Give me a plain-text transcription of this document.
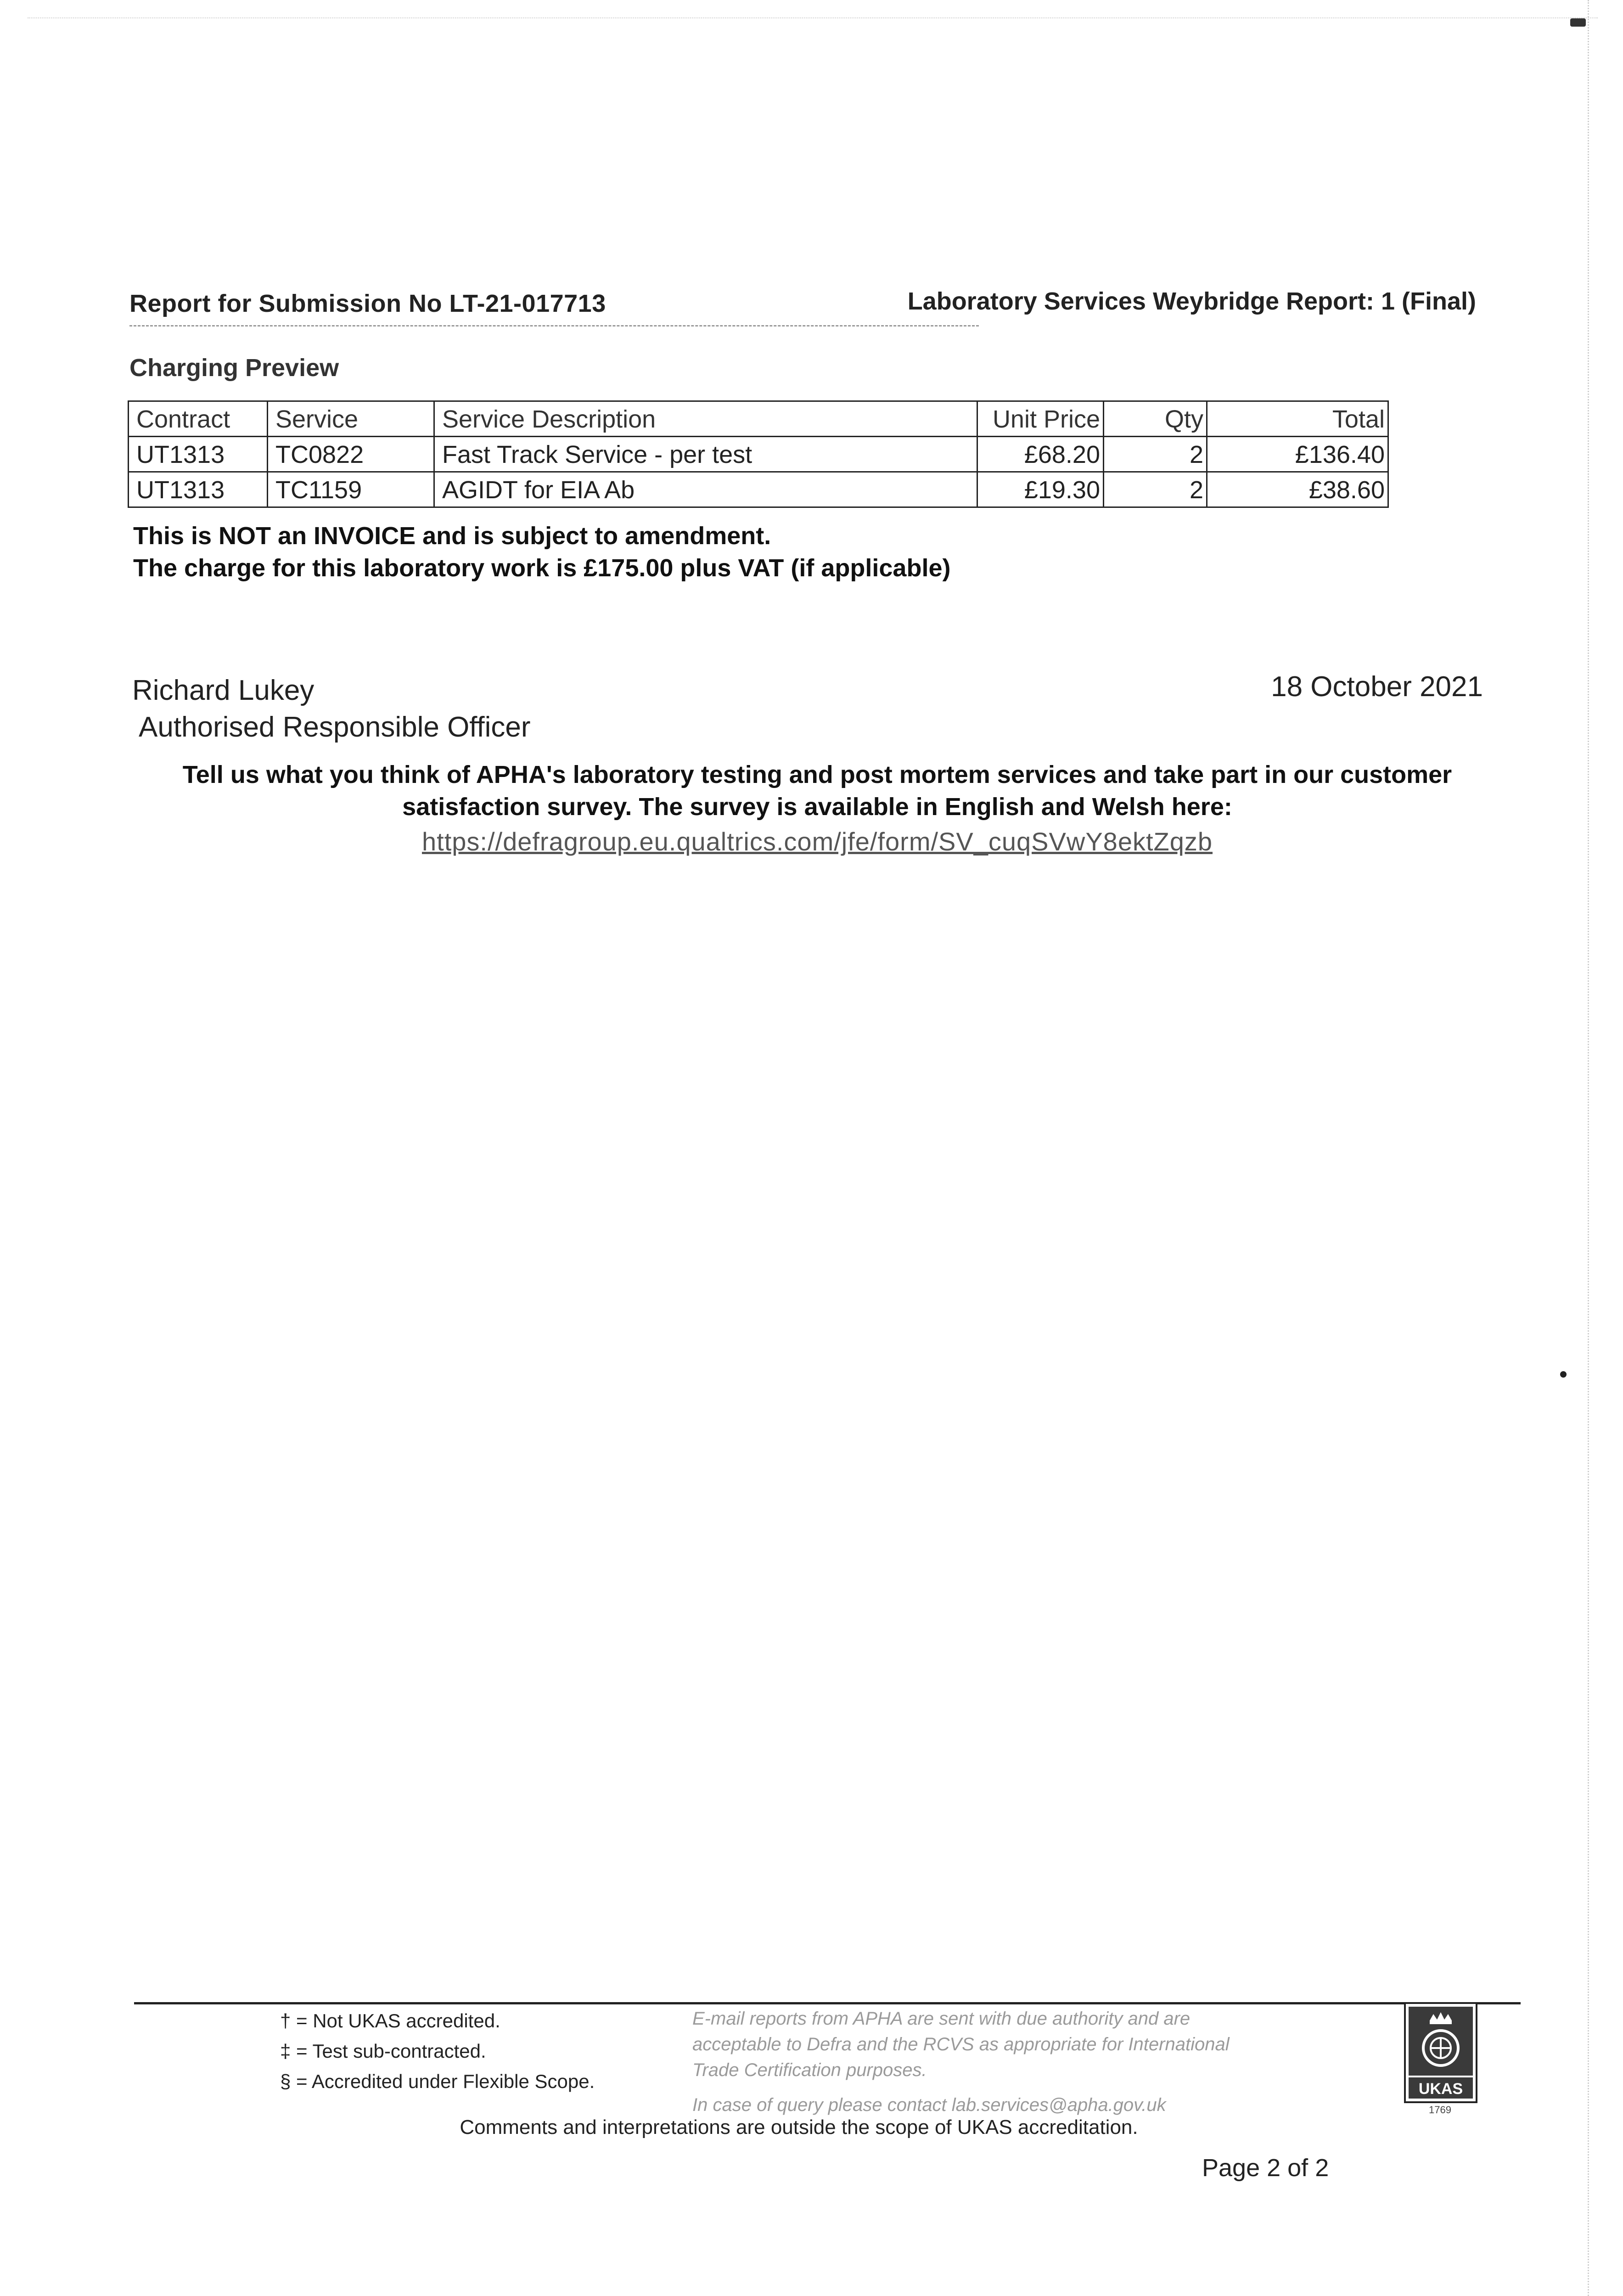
Report for Submission No LT-21-017713	Laboratory Services Weybridge Report: 1 (Final)
Charging Preview
Contract	Service	Service Description	Unit Price	Qty	Total
UT1313	TC0822	Fast Track Service - per test	£68.20	2	£136.40
UT1313	TC1159	AGIDT for EIA Ab	£19.30	2	£38.60
This is NOT an INVOICE and is subject to amendment.
The charge for this laboratory work is £175.00 plus VAT (if applicable)
Richard Lukey
Authorised Responsible Officer
18 October 2021
Tell us what you think of APHA's laboratory testing and post mortem services and take part in our customer
satisfaction survey. The survey is available in English and Welsh here:
https://defragroup.eu.qualtrics.com/jfe/form/SV_cuqSVwY8ektZqzb
† = Not UKAS accredited.
‡ = Test sub-contracted.
§ = Accredited under Flexible Scope.
E-mail reports from APHA are sent with due authority and are
acceptable to Defra and the RCVS as appropriate for International
Trade Certification purposes.
In case of query please contact lab.services@apha.gov.uk
UKAS
1769
Comments and interpretations are outside the scope of UKAS accreditation.
Page 2 of 2
